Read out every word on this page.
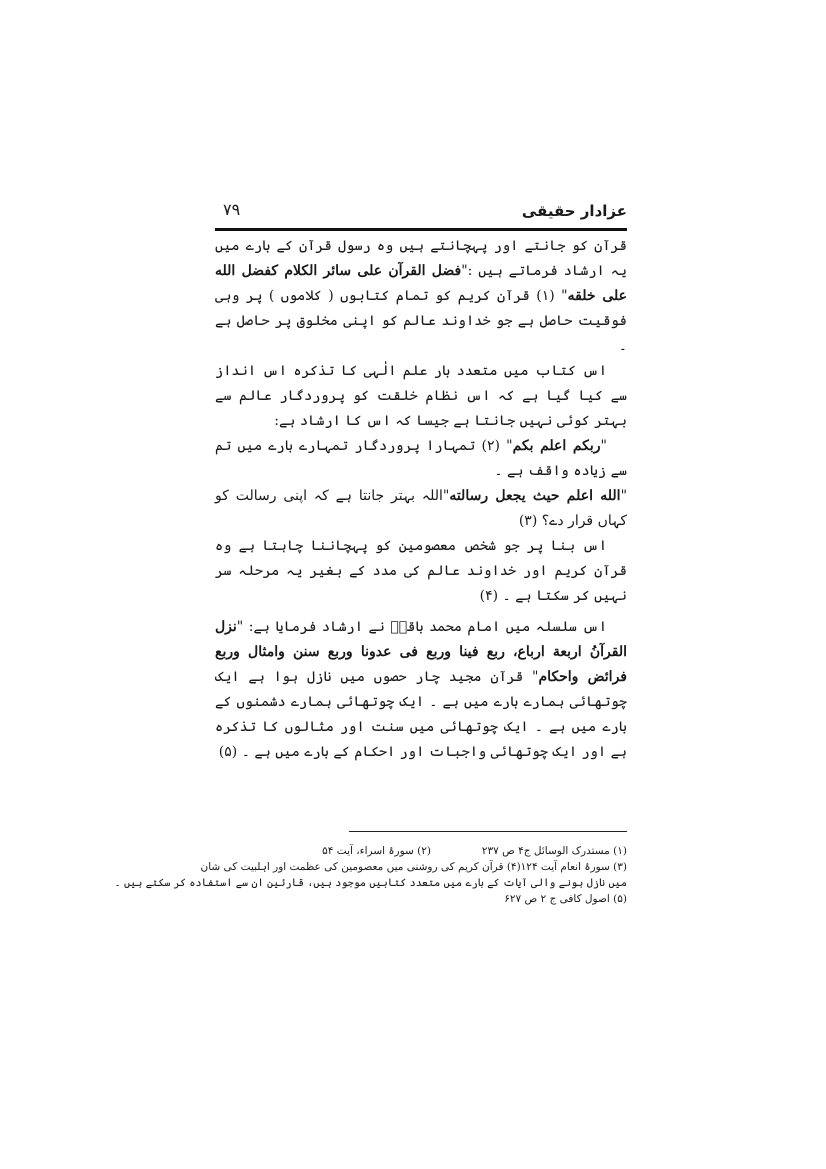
عزادار حقیقی
۷۹

قرآن کو جانتے اور پہچانتے ہیں وہ رسول قرآن کے بارے میں یہ ارشاد فرماتے ہیں :"فضل القرآن علی سائر الکلام کفضل الله علی خلقه" (۱) قرآن کریم کو تمام کتابوں ( کلاموں ) پر وہی فوقیت حاصل ہے جو خداوند عالم کو اپنی مخلوق پر حاصل ہے ۔

اس کتاب میں متعدد بار علم الٰہی کا تذکرہ اس انداز سے کیا گیا ہے کہ اس نظام خلقت کو پروردگار عالم سے بہتر کوئی نہیں جانتا ہے جیسا کہ اس کا ارشاد ہے:

"ربکم اعلم بکم" (۲) تمہارا پروردگار تمہارے بارے میں تم سے زیادہ واقف ہے ۔

"الله اعلم حیث یجعل رسالته"اللہ بہتر جانتا ہے کہ اپنی رسالت کو کہاں قرار دے؟ (۳)

اس بنا پر جو شخص معصومین کو پہچاننا چاہتا ہے وہ قرآن کریم اور خداوند عالم کی مدد کے بغیر یہ مرحلہ سر نہیں کر سکتا ہے ۔ (۴)

اس سلسلہ میں امام محمد باقرؑ نے ارشاد فرمایا ہے: "نزل القرآنُ اربعة ارباع، ربع فینا وربع فی عدونا وربع سنن وامثال وربع فرائض واحکام" قرآن مجید چار حصوں میں نازل ہوا ہے ایک چوتھائی ہمارے بارے میں ہے ۔ ایک چوتھائی ہمارے دشمنوں کے بارے میں ہے ۔ ایک چوتھائی میں سنت اور مثالوں کا تذکرہ ہے اور ایک چوتھائی واجبات اور احکام کے بارے میں ہے ۔ (۵)

(۱) مستدرک الوسائل ج۴ ص ۲۳۷
(۲) سورۂ اسراء، آیت ۵۴
(۳) سورۂ انعام آیت ۱۲۴
(۴) قرآن کریم کی روشنی میں معصومین کی عظمت اور اہلبیت کی شان
میں نازل ہونے والی آیات کے بارے میں متعدد کتابیں موجود ہیں، قارئین ان سے استفادہ کر سکتے ہیں ۔
(۵) اصول کافی ج ۲ ص ۶۲۷
